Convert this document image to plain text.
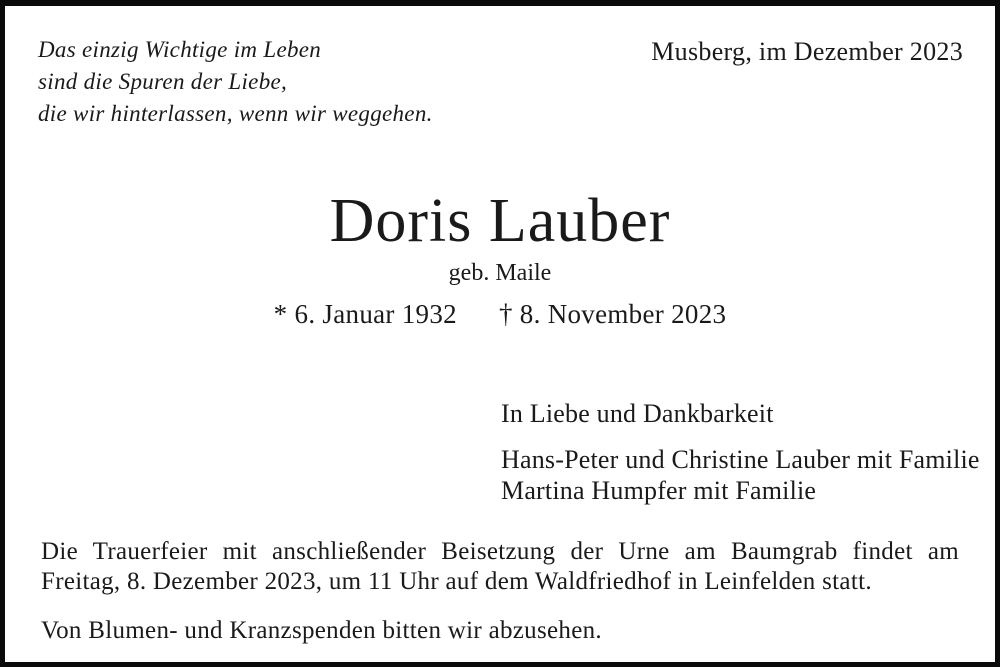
Das einzig Wichtige im Leben
sind die Spuren der Liebe,
die wir hinterlassen, wenn wir weggehen.
Musberg, im Dezember 2023
Doris Lauber
geb. Maile
* 6. Januar 1932 † 8. November 2023
In Liebe und Dankbarkeit
Hans-Peter und Christine Lauber mit Familie
Martina Humpfer mit Familie
Die Trauerfeier mit anschließender Beisetzung der Urne am Baumgrab findet am
Freitag, 8. Dezember 2023, um 11 Uhr auf dem Waldfriedhof in Leinfelden statt.
Von Blumen- und Kranzspenden bitten wir abzusehen.
